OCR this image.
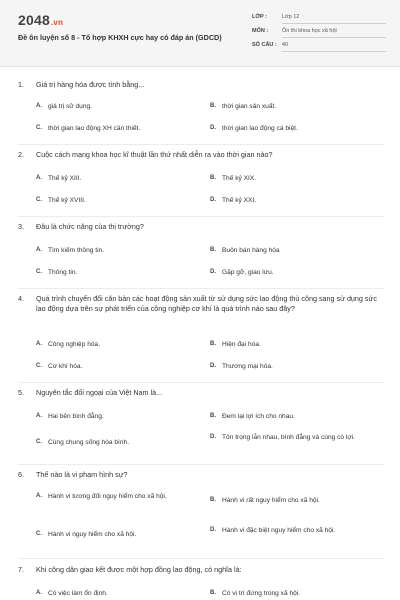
2048.vn
Đề ôn luyện số 8 - Tổ hợp KHXH cực hay có đáp án (GDCD)
LỚP :	Lớp 12
MÔN :	Ôn thi khoa học xã hội
SỐ CÂU : 40
1.	Giá trị hàng hóa được tính bằng...
A. giá trị sử dụng.	B. thời gian sản xuất.
C. thời gian lao động XH cần thiết.	D. thời gian lao động cá biệt.
2.	Cuộc cách mạng khoa học kĩ thuật lần thứ nhất diễn ra vào thời gian nào?
A. Thế kỷ XIII.	B. Thế kỷ XIX.
C. Thế kỷ XVIII.	D. Thế kỷ XXI.
3.	Đâu là chức năng của thị trường?
A. Tìm kiếm thông tin.	B. Buôn bán hàng hóa
C. Thông tin.	D. Gặp gỡ, giao lưu.
4.	Quá trình chuyển đổi căn bản các hoạt động sản xuất từ sử dụng sức lao động thủ công sang sử dụng sức lao động dựa trên sự phát triển của công nghiệp cơ khí là quá trình nào sau đây?
A. Công nghiệp hóa.	B. Hiện đại hóa.
C. Cơ khí hóa.	D. Thương mại hóa.
5.	Nguyên tắc đối ngoại của Việt Nam là...
A. Hai bên bình đẳng.	B. Đem lại lợi ích cho nhau.
C. Cùng chung sống hòa bình.
D. Tôn trọng lẫn nhau, bình đẳng và cùng có lợi.
6.	Thế nào là vi phạm hình sự?
A. Hành vi tương đối nguy hiểm cho xã hội.	B. Hành vi rất nguy hiểm cho xã hội.
C. Hành vi nguy hiểm cho xã hội.
D. Hành vi đặc biệt nguy hiểm cho xã hội.
7.	Khi công dân giao kết được một hợp đồng lao động, có nghĩa là:
A. Có việc làm ổn định.	B. Có vị trí đứng trong xã hội.
